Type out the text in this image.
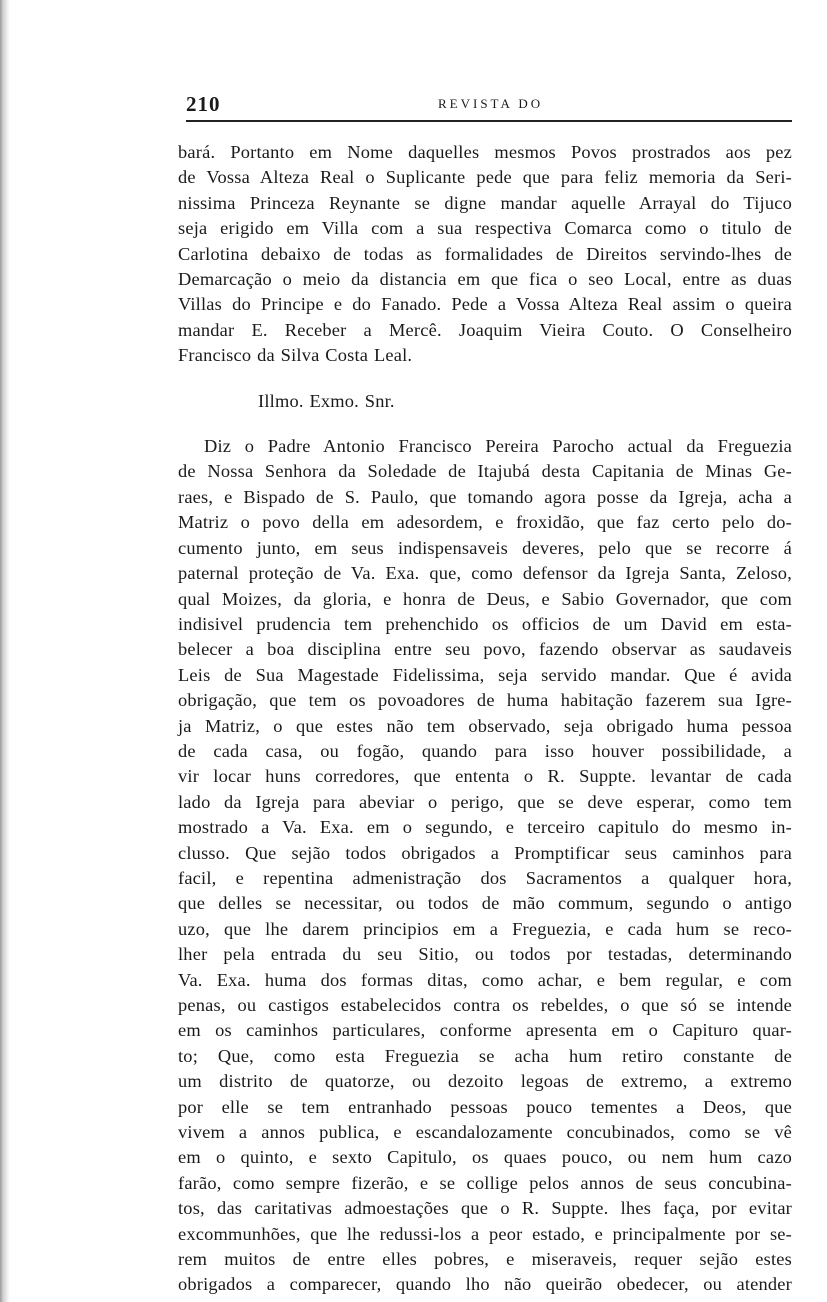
210	REVISTA DO
bará. Portanto em Nome daquelles mesmos Povos prostrados aos pez
de Vossa Alteza Real o Suplicante pede que para feliz memoria da Seri-
nissima Princeza Reynante se digne mandar aquelle Arrayal do Tijuco
seja erigido em Villa com a sua respectiva Comarca como o titulo de
Carlotina debaixo de todas as formalidades de Direitos servindo-lhes de
Demarcação o meio da distancia em que fica o seo Local, entre as duas
Villas do Principe e do Fanado. Pede a Vossa Alteza Real assim o queira
mandar E. Receber a Mercê. Joaquim Vieira Couto. O Conselheiro
Francisco da Silva Costa Leal.
Illmo. Exmo. Snr.
Diz o Padre Antonio Francisco Pereira Parocho actual da Freguezia
de Nossa Senhora da Soledade de Itajubá desta Capitania de Minas Ge-
raes, e Bispado de S. Paulo, que tomando agora posse da Igreja, acha a
Matriz o povo della em adesordem, e froxidão, que faz certo pelo do-
cumento junto, em seus indispensaveis deveres, pelo que se recorre á
paternal proteção de Va. Exa. que, como defensor da Igreja Santa, Zeloso,
qual Moizes, da gloria, e honra de Deus, e Sabio Governador, que com
indisivel prudencia tem prehenchido os officios de um David em esta-
belecer a boa disciplina entre seu povo, fazendo observar as saudaveis
Leis de Sua Magestade Fidelissima, seja servido mandar. Que é avida
obrigação, que tem os povoadores de huma habitação fazerem sua Igre-
ja Matriz, o que estes não tem observado, seja obrigado huma pessoa
de cada casa, ou fogão, quando para isso houver possibilidade, a
vir locar huns corredores, que ententa o R. Suppte. levantar de cada
lado da Igreja para abeviar o perigo, que se deve esperar, como tem
mostrado a Va. Exa. em o segundo, e terceiro capitulo do mesmo in-
clusso. Que sejão todos obrigados a Promptificar seus caminhos para
facil, e repentina admenistração dos Sacramentos a qualquer hora,
que delles se necessitar, ou todos de mão commum, segundo o antigo
uzo, que lhe darem principios em a Freguezia, e cada hum se reco-
lher pela entrada du seu Sitio, ou todos por testadas, determinando
Va. Exa. huma dos formas ditas, como achar, e bem regular, e com
penas, ou castigos estabelecidos contra os rebeldes, o que só se intende
em os caminhos particulares, conforme apresenta em o Capituro quar-
to; Que, como esta Freguezia se acha hum retiro constante de
um distrito de quatorze, ou dezoito legoas de extremo, a extremo
por elle se tem entranhado pessoas pouco tementes a Deos, que
vivem a annos publica, e escandalozamente concubinados, como se vê
em o quinto, e sexto Capitulo, os quaes pouco, ou nem hum cazo
farão, como sempre fizerão, e se collige pelos annos de seus concubina-
tos, das caritativas admoestações que o R. Suppte. lhes faça, por evitar
excommunhões, que lhe redussi-los a peor estado, e principalmente por se-
rem muitos de entre elles pobres, e miseraveis, requer sejão estes
obrigados a comparecer, quando lho não queirão obedecer, ou atender
